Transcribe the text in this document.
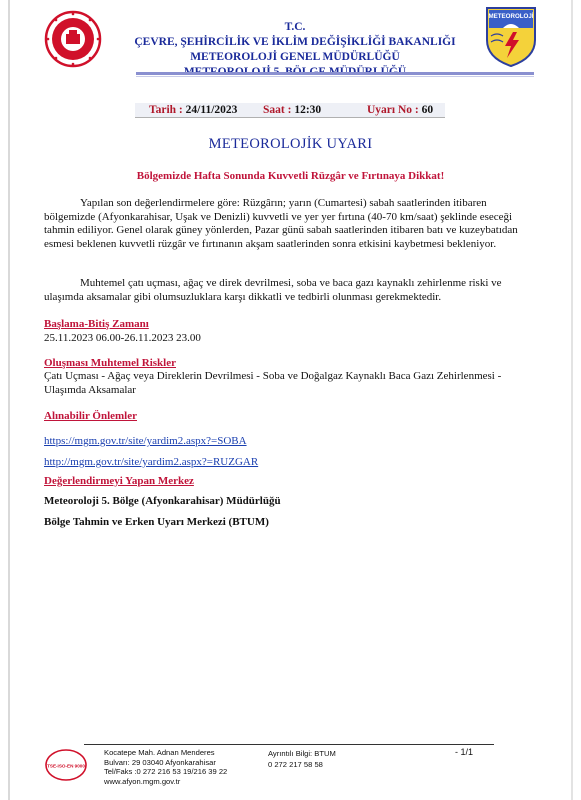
T.C.
ÇEVRE, ŞEHİRCİLİK VE İKLİM DEĞİŞİKLİĞİ BAKANLIĞI
METEOROLOJİ GENEL MÜDÜRLÜĞÜ
METEOROLOJİ
Tarih : 24/11/2023 Saat : 12:30	Uyarı No : 60
METEOROLOJİK UYARI
Bölgemizde Hafta Sonunda Kuvvetli Rüzgâr ve Fırtınaya Dikkat!
Yapılan son değerlendirmelere göre: Rüzgârın; yarın (Cumartesi) sabah saatlerinden itibaren bölgemizde (Afyonkarahisar, Uşak ve Denizli) kuvvetli ve yer yer fırtına (40-70 km/saat) şeklinde eseceği tahmin ediliyor. Genel olarak güney yönlerden, Pazar günü sabah saatlerinden itibaren batı ve kuzeybatıdan esmesi beklenen kuvvetli rüzgâr ve fırtınanın akşam saatlerinden sonra etkisini kaybetmesi bekleniyor.
Muhtemel çatı uçması, ağaç ve direk devrilmesi, soba ve baca gazı kaynaklı zehirlenme riski ve ulaşımda aksamalar gibi olumsuzluklara karşı dikkatli ve tedbirli olunması gerekmektedir.
Başlama-Bitiş Zamanı
25.11.2023 06.00-26.11.2023 23.00
Oluşması Muhtemel Riskler
Çatı Uçması - Ağaç veya Direklerin Devrilmesi - Soba ve Doğalgaz Kaynaklı Baca Gazı Zehirlenmesi - Ulaşımda Aksamalar
Alınabilir Önlemler
https://mgm.gov.tr/site/yardim2.aspx?=SOBA
http://mgm.gov.tr/site/yardim2.aspx?=RUZGAR
Değerlendirmeyi Yapan Merkez
Meteoroloji 5. Bölge (Afyonkarahisar) Müdürlüğü
Bölge Tahmin ve Erken Uyarı Merkezi (BTUM)
TSE-ISO-EN 9000
Kocatepe Mah. Adnan Menderes
Bulvarı: 29 03040 Afyonkarahisar
Tel/Faks :0 272 216 53 19/216 39 22
www.afyon.mgm.gov.tr
Ayrıntılı Bilgi: BTUM
0 272 217 58 58
- 1/1
